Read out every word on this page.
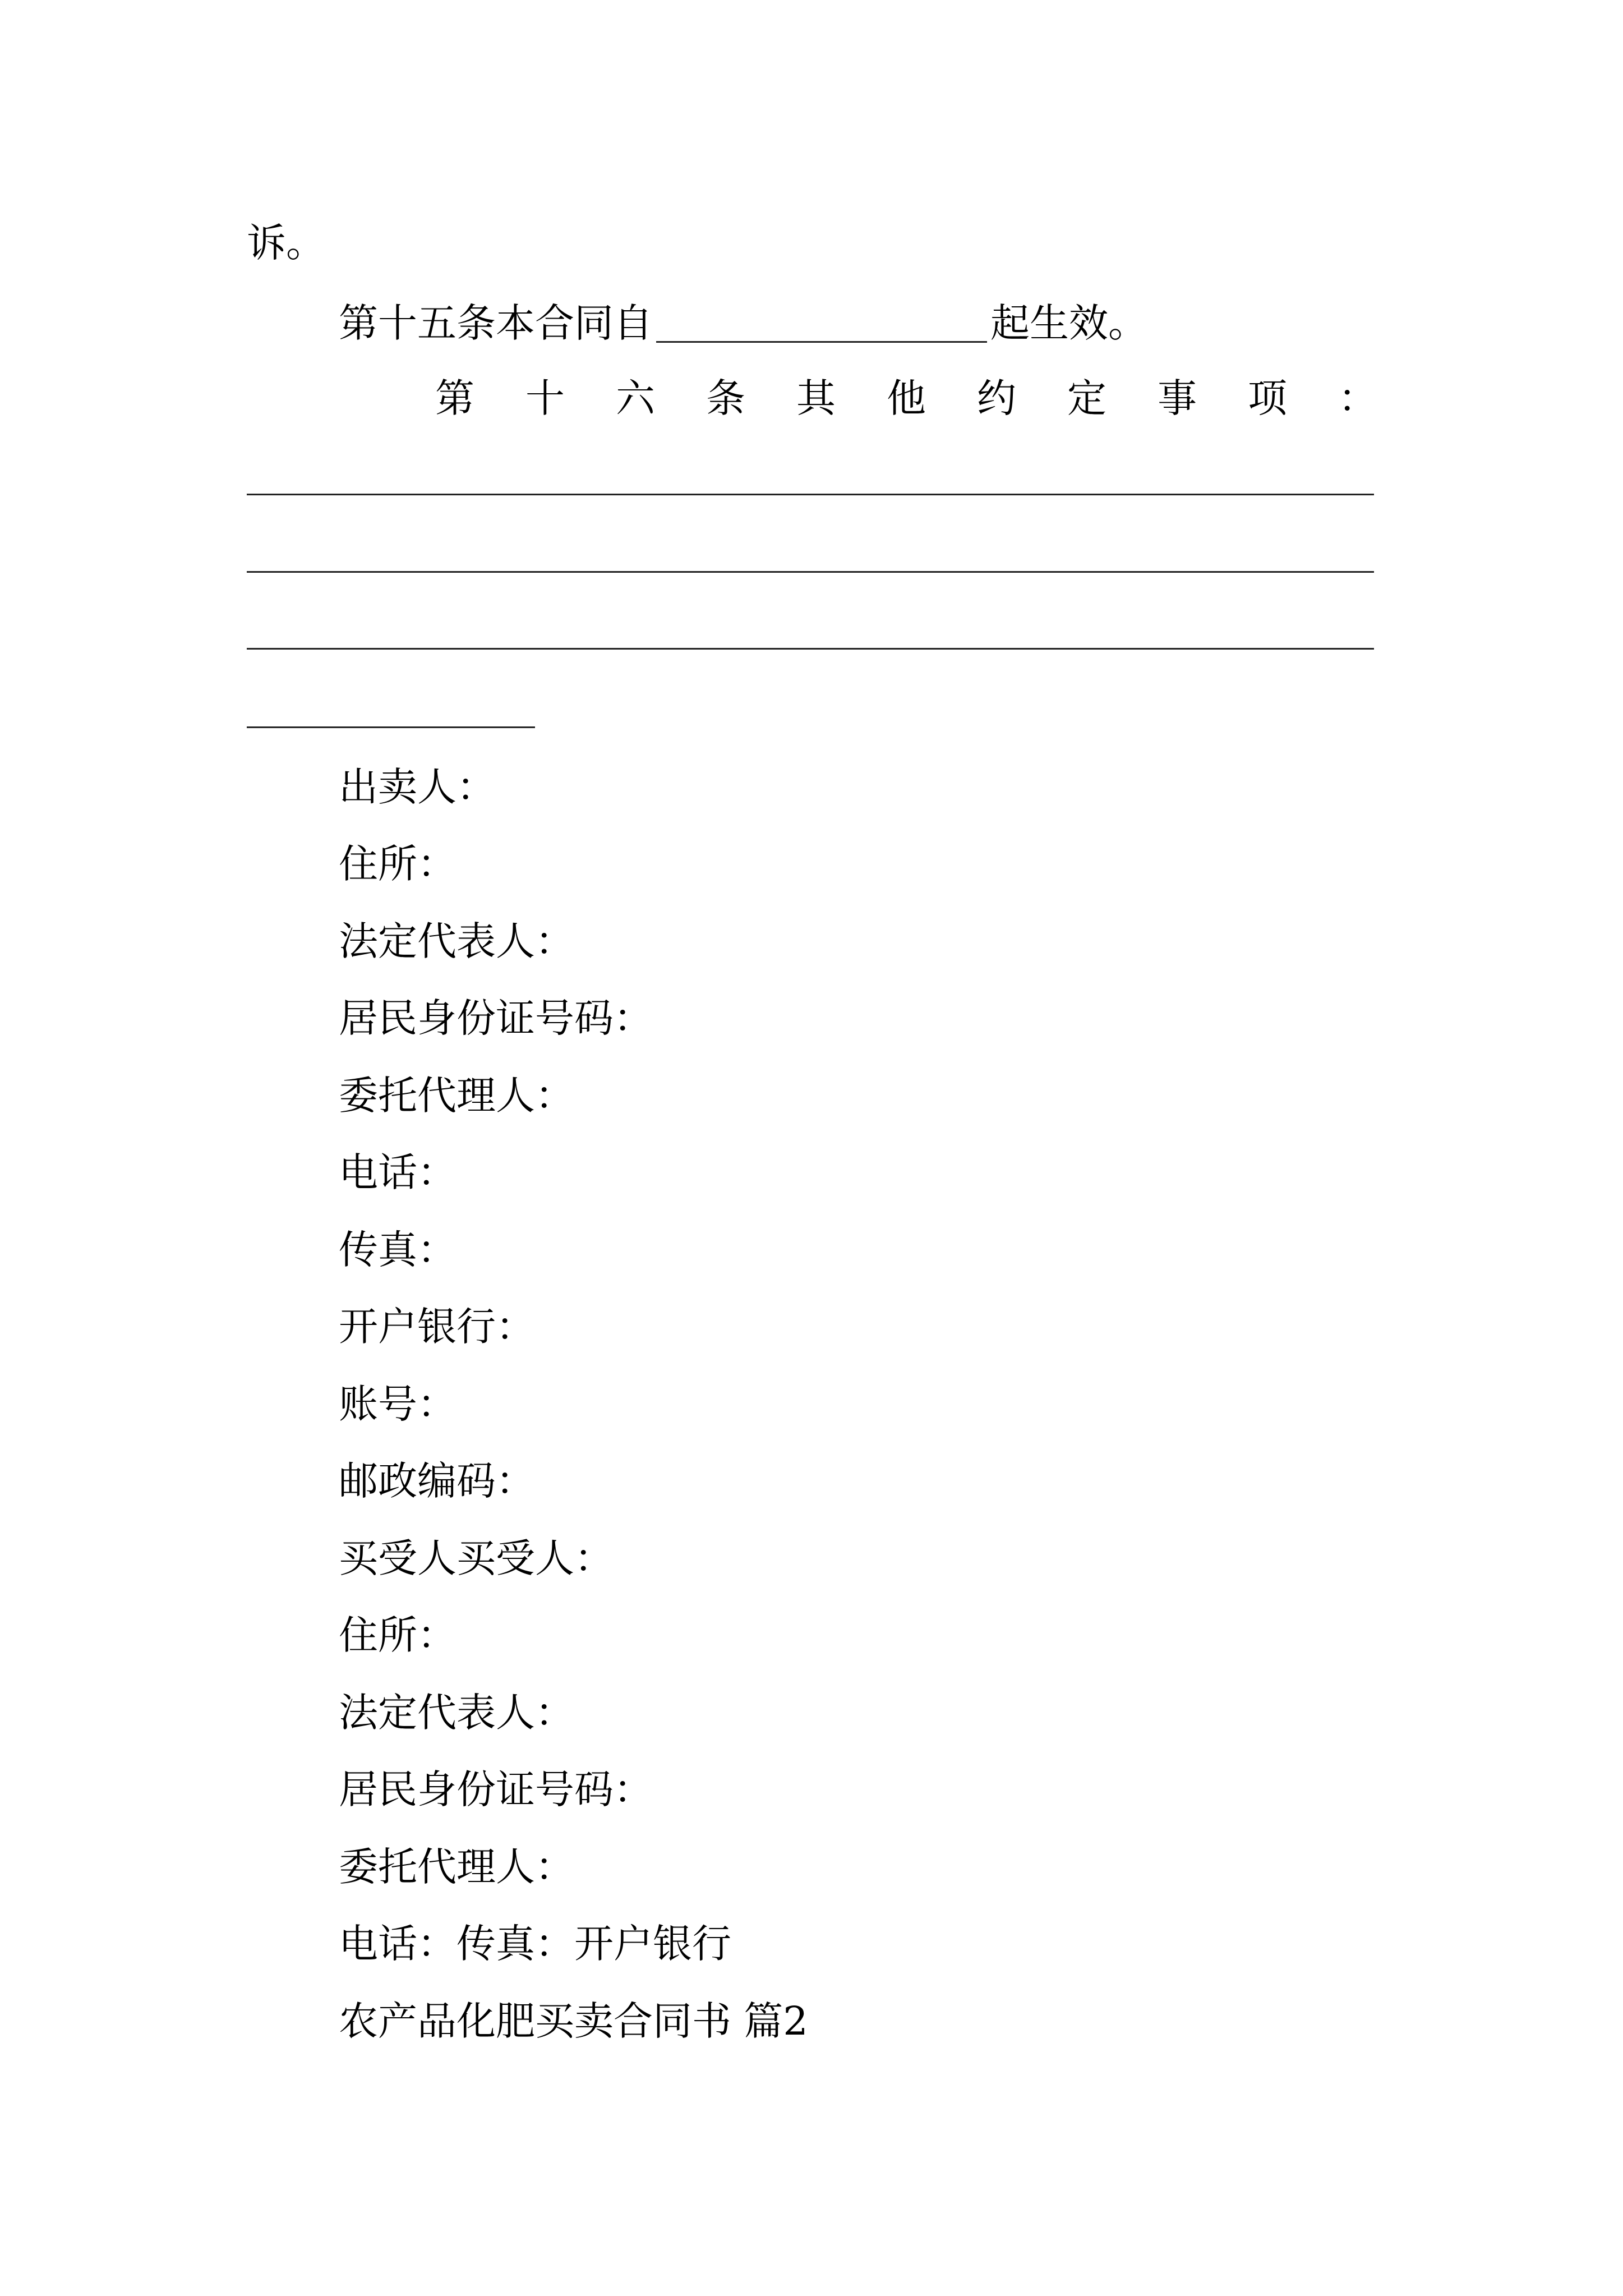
诉。
第十五条本合同自	起生效。
第 十 六 条 其 他 约 定 事 项 ：
出卖人：
住所：
法定代表人：
居民身份证号码：
委托代理人：
电话：
传真：
开户银行：
账号：
邮政编码：
买受人买受人：
住所：
法定代表人：
居民身份证号码：
委托代理人：
电话：传真：开户银行
农产品化肥买卖合同书 篇2
